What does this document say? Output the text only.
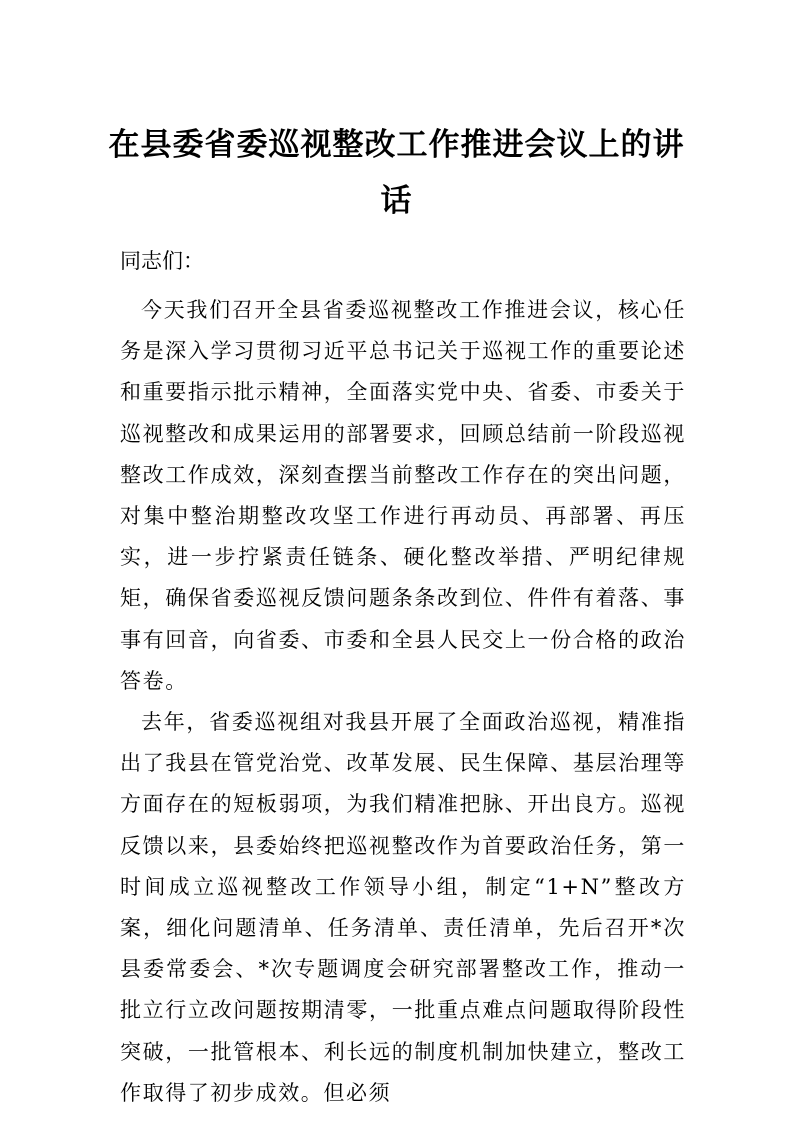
在县委省委巡视整改工作推进会议上的讲
话
同志们：

今天我们召开全县省委巡视整改工作推进会议，核心任务是深入学习贯彻习近平总书记关于巡视工作的重要论述和重要指示批示精神，全面落实党中央、省委、市委关于巡视整改和成果运用的部署要求，回顾总结前一阶段巡视整改工作成效，深刻查摆当前整改工作存在的突出问题，对集中整治期整改攻坚工作进行再动员、再部署、再压实，进一步拧紧责任链条、硬化整改举措、严明纪律规矩，确保省委巡视反馈问题条条改到位、件件有着落、事事有回音，向省委、市委和全县人民交上一份合格的政治答卷。

去年，省委巡视组对我县开展了全面政治巡视，精准指出了我县在管党治党、改革发展、民生保障、基层治理等方面存在的短板弱项，为我们精准把脉、开出良方。巡视反馈以来，县委始终把巡视整改作为首要政治任务，第一时间成立巡视整改工作领导小组，制定“1+N”整改方案，细化问题清单、任务清单、责任清单，先后召开*次县委常委会、*次专题调度会研究部署整改工作，推动一批立行立改问题按期清零，一批重点难点问题取得阶段性突破，一批管根本、利长远的制度机制加快建立，整改工作取得了初步成效。但必须
